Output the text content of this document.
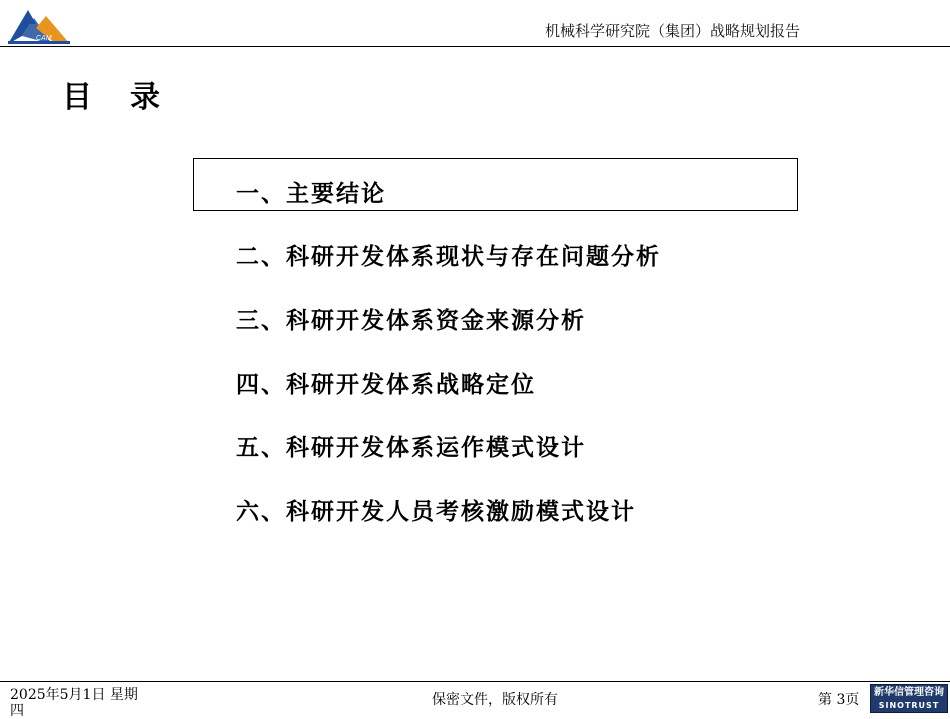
CAM	机械科学研究院（集团）战略规划报告
目录
一、主要结论
二、科研开发体系现状与存在问题分析
三、科研开发体系资金来源分析
四、科研开发体系战略定位
五、科研开发体系运作模式设计
六、科研开发人员考核激励模式设计
2025年5月1日 星期四
保密文件，版权所有	第 3页	新华信管理咨询
SINOTRUST
